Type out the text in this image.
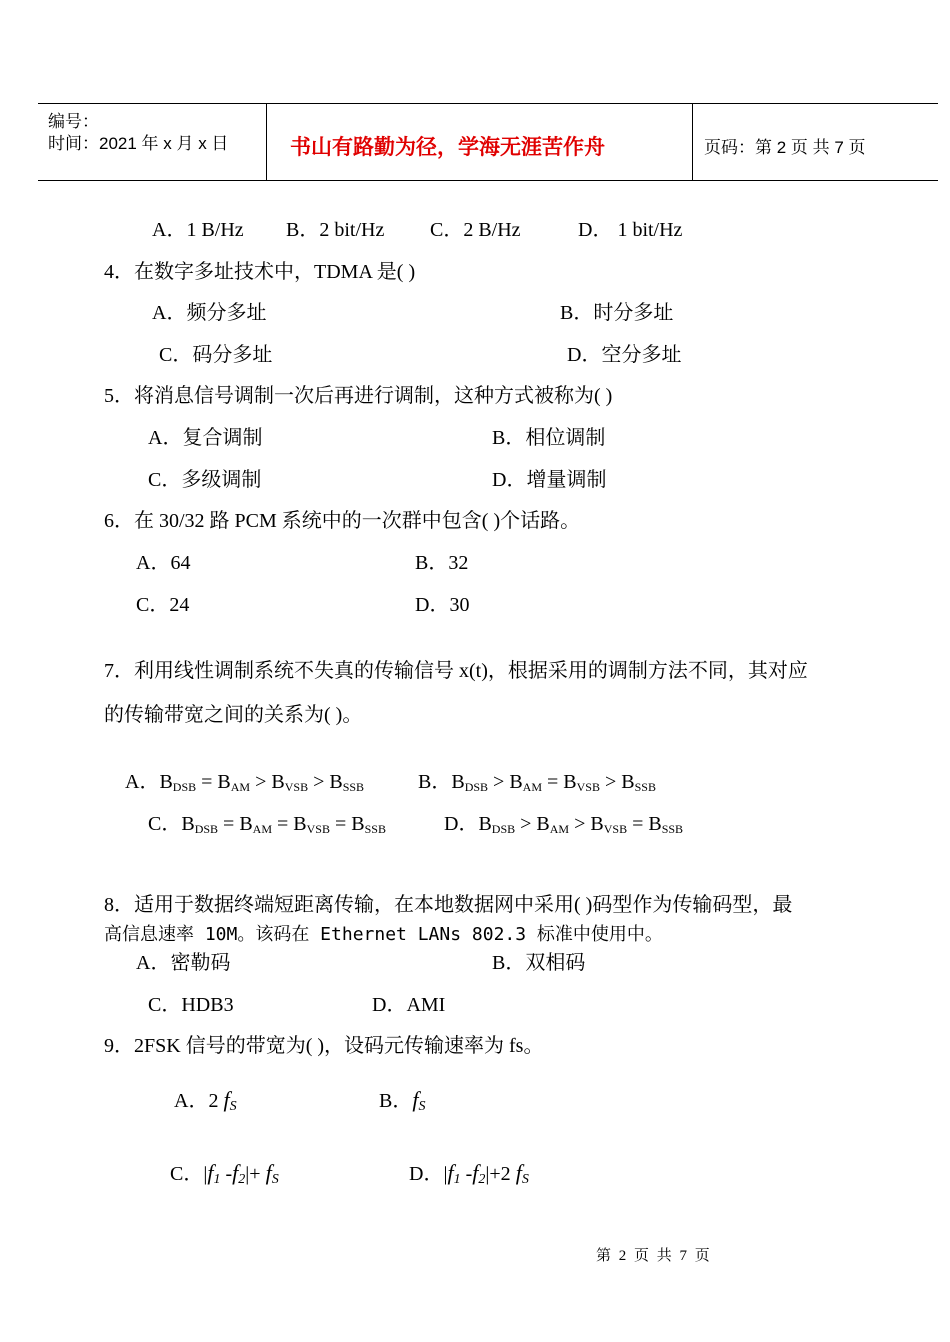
编号：
时间：2021 年 x 月 x 日	书山有路勤为径，学海无涯苦作舟	页码：第 2 页 共 7 页
A．1 B/Hz B．2 bit/Hz C．2 B/Hz	D． 1 bit/Hz
4．在数字多址技术中，TDMA 是( )
A．频分多址	B．时分多址
C．码分多址	D．空分多址
5．将消息信号调制一次后再进行调制，这种方式被称为( )
A．复合调制	B．相位调制
C．多级调制	D．增量调制
6．在 30/32 路 PCM 系统中的一次群中包含( )个话路。
A．64	B．32
C．24	D．30
7．利用线性调制系统不失真的传输信号 x(t)，根据采用的调制方法不同，其对应
的传输带宽之间的关系为( )。
A．$B_{DSB} = B_{AM} > B_{VSB} > B_{SSB}$	B．$B_{DSB} > B_{AM} = B_{VSB} > B_{SSB}$
C．$B_{DSB} = B_{AM} = B_{VSB} = B_{SSB}$	D．$B_{DSB} > B_{AM} > B_{VSB} = B_{SSB}$
8．适用于数据终端短距离传输，在本地数据网中采用( )码型作为传输码型，最
高信息速率 10M。该码在 Ethernet LANs 802.3 标准中使用中。
A．密勒码	B．双相码
C．HDB3	D．AMI
9．2FSK 信号的带宽为( )，设码元传输速率为 fs。
A．2 $f_S$	B．$f_S$
C．$|f_1$ $-f_2|+ f_S$	D．$|f_1$ $-f_2|+2$ $f_S$
第 2 页 共 7 页
